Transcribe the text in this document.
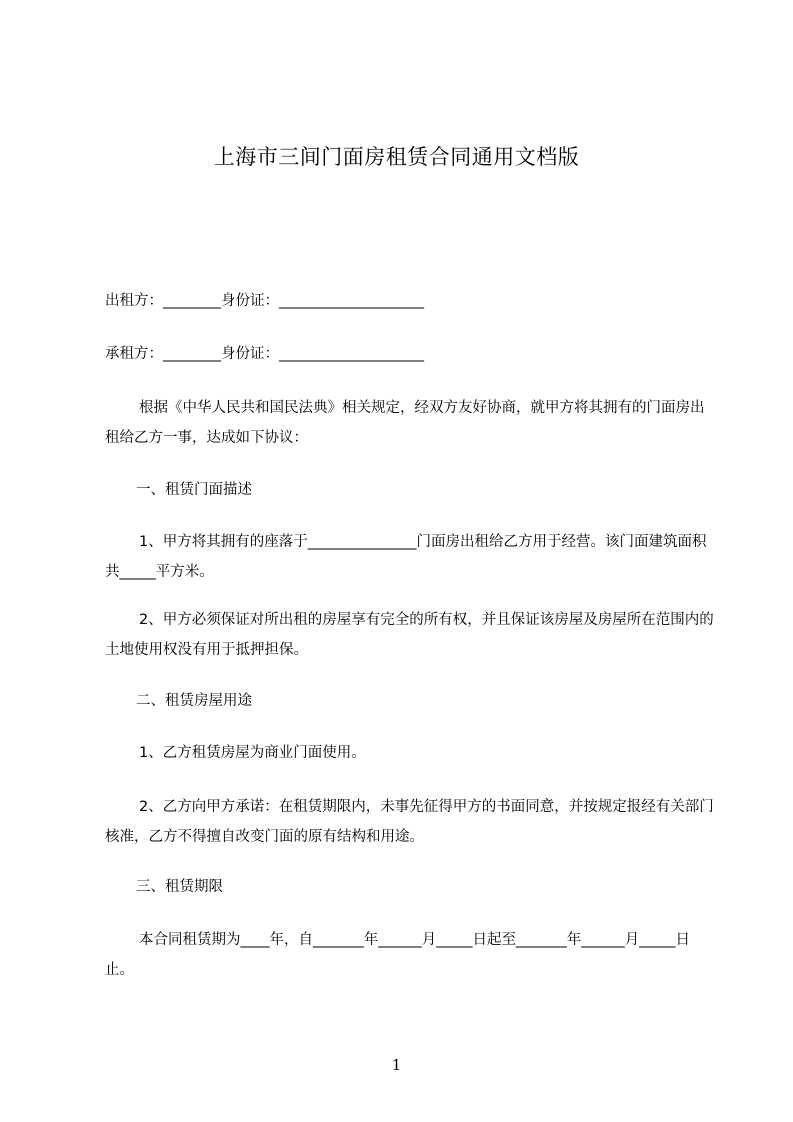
上海市三间门面房租赁合同通用文档版
出租方：________身份证：____________________
承租方：________身份证：____________________
根据《中华人民共和国民法典》相关规定，经双方友好协商，就甲方将其拥有的门面房出租给乙方一事，达成如下协议：
一、租赁门面描述
1、甲方将其拥有的座落于_______________门面房出租给乙方用于经营。该门面建筑面积共_____平方米。
2、甲方必须保证对所出租的房屋享有完全的所有权，并且保证该房屋及房屋所在范围内的土地使用权没有用于抵押担保。
二、租赁房屋用途
1、乙方租赁房屋为商业门面使用。
2、乙方向甲方承诺：在租赁期限内，未事先征得甲方的书面同意，并按规定报经有关部门核准，乙方不得擅自改变门面的原有结构和用途。
三、租赁期限
本合同租赁期为____年，自_______年______月_____日起至_______年______月_____日止。
1
